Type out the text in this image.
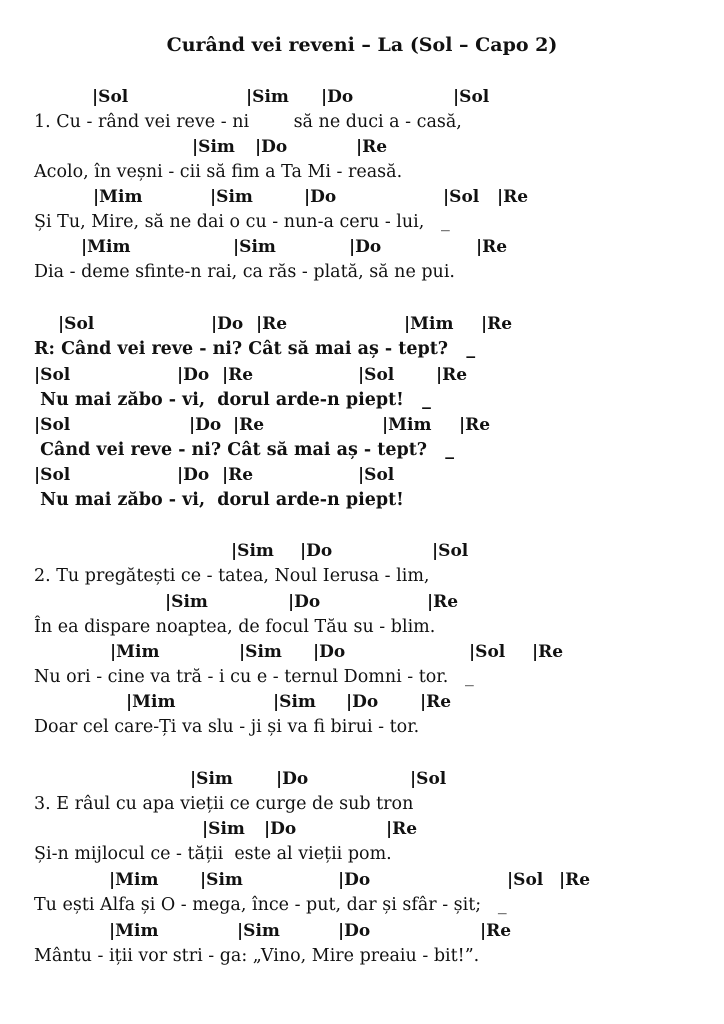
Curând vei reveni – La (Sol – Capo 2)
|Sol	|Sim |Do	|Sol
1. Cu - rând vei reve - ni        să ne duci a - casă,
|Sim |Do	|Re
Acolo, în veșni - cii să fim a Ta Mi - reasă.
|Mim	|Sim	|Do	|Sol |Re
Și Tu, Mire, să ne dai o cu - nun-a ceru - lui,   _
|Mim	|Sim	|Do	|Re
Dia - deme sfinte-n rai, ca răs - plată, să ne pui.
|Sol	|Do |Re	|Mim |Re
R: Când vei reve - ni? Cât să mai aș - tept?   _
|Sol	|Do |Re	|Sol |Re
Nu mai zăbo - vi,  dorul arde-n piept!   _
|Sol	|Do |Re	|Mim |Re
Când vei reve - ni? Cât să mai aș - tept?   _
|Sol	|Do |Re	|Sol
Nu mai zăbo - vi,  dorul arde-n piept!
|Sim |Do	|Sol
2. Tu pregătești ce - tatea, Noul Ierusa - lim,
|Sim	|Do	|Re
În ea dispare noaptea, de focul Tău su - blim.
|Mim	|Sim |Do	|Sol |Re
Nu ori - cine va tră - i cu e - ternul Domni - tor.   _
|Mim	|Sim |Do |Re
Doar cel care-Ți va slu - ji și va fi birui - tor.
|Sim	|Do	|Sol
3. E râul cu apa vieții ce curge de sub tron
|Sim |Do	|Re
Și-n mijlocul ce - tății  este al vieții pom.
|Mim |Sim	|Do	|Sol |Re
Tu ești Alfa și O - mega, înce - put, dar și sfâr - șit;   _
|Mim	|Sim	|Do	|Re
Mântu - iții vor stri - ga: „Vino, Mire preaiu - bit!”.
